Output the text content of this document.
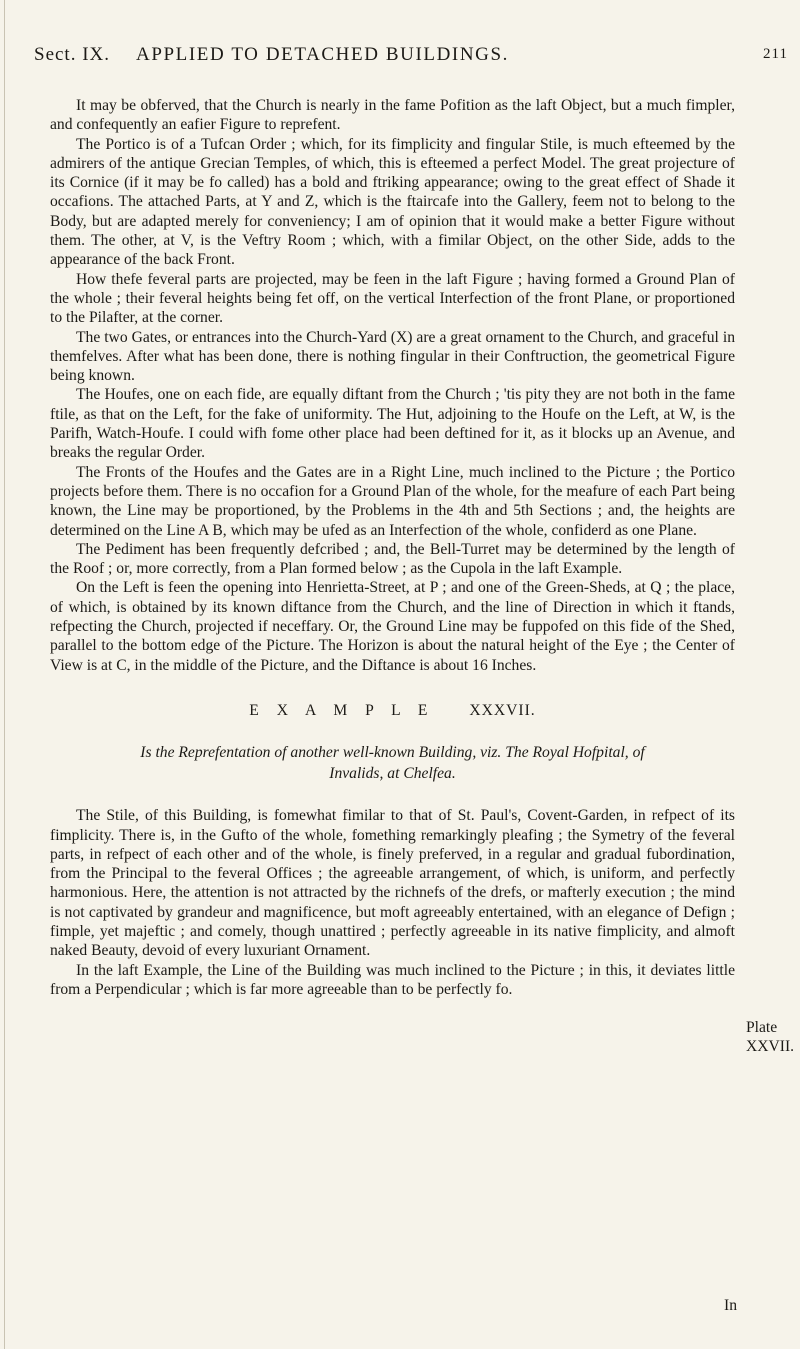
Sect. IX. APPLIED TO DETACHED BUILDINGS.	211

It may be obferved, that the Church is nearly in the fame Pofition as the laft Object, but a much fimpler, and confequently an eafier Figure to reprefent.

The Portico is of a Tufcan Order ; which, for its fimplicity and fingular Stile, is much efteemed by the admirers of the antique Grecian Temples, of which, this is efteemed a perfect Model. The great projecture of its Cornice (if it may be fo called) has a bold and ftriking appearance; owing to the great effect of Shade it occafions. The attached Parts, at Y and Z, which is the ftaircafe into the Gallery, feem not to belong to the Body, but are adapted merely for conveniency; I am of opinion that it would make a better Figure without them. The other, at V, is the Veftry Room ; which, with a fimilar Object, on the other Side, adds to the appearance of the back Front.

How thefe feveral parts are projected, may be feen in the laft Figure ; having formed a Ground Plan of the whole ; their feveral heights being fet off, on the vertical Interfection of the front Plane, or proportioned to the Pilafter, at the corner.

The two Gates, or entrances into the Church-Yard (X) are a great ornament to the Church, and graceful in themfelves. After what has been done, there is nothing fingular in their Conftruction, the geometrical Figure being known.

The Houfes, one on each fide, are equally diftant from the Church ; 'tis pity they are not both in the fame ftile, as that on the Left, for the fake of uniformity. The Hut, adjoining to the Houfe on the Left, at W, is the Parifh, Watch-Houfe. I could wifh fome other place had been deftined for it, as it blocks up an Avenue, and breaks the regular Order.

The Fronts of the Houfes and the Gates are in a Right Line, much inclined to the Picture ; the Portico projects before them. There is no occafion for a Ground Plan of the whole, for the meafure of each Part being known, the Line may be proportioned, by the Problems in the 4th and 5th Sections ; and, the heights are determined on the Line A B, which may be ufed as an Interfection of the whole, confiderd as one Plane.

The Pediment has been frequently defcribed ; and, the Bell-Turret may be determined by the length of the Roof ; or, more correctly, from a Plan formed below ; as the Cupola in the laft Example.

On the Left is feen the opening into Henrietta-Street, at P ; and one of the Green-Sheds, at Q ; the place, of which, is obtained by its known diftance from the Church, and the line of Direction in which it ftands, refpecting the Church, projected if neceffary. Or, the Ground Line may be fuppofed on this fide of the Shed, parallel to the bottom edge of the Picture. The Horizon is about the natural height of the Eye ; the Center of View is at C, in the middle of the Picture, and the Diftance is about 16 Inches.

E X A M P L E XXXVII.

Is the Reprefentation of another well-known Building, viz. The Royal Hofpital, of
Invalids, at Chelfea.

The Stile, of this Building, is fomewhat fimilar to that of St. Paul's, Covent-Garden, in refpect of its fimplicity. There is, in the Gufto of the whole, fomething remarkingly pleafing ; the Symetry of the feveral parts, in refpect of each other and of the whole, is finely preferved, in a regular and gradual fubordination, from the Principal to the feveral Offices ; the agreeable arrangement, of which, is uniform, and perfectly harmonious. Here, the attention is not attracted by the richnefs of the drefs, or mafterly execution ; the mind is not captivated by grandeur and magnificence, but moft agreeably entertained, with an elegance of Defign ; fimple, yet majeftic ; and comely, though unattired ; perfectly agreeable in its native fimplicity, and almoft naked Beauty, devoid of every luxuriant Ornament.

In the laft Example, the Line of the Building was much inclined to the Picture ; in this, it deviates little from a Perpendicular ; which is far more agreeable than to be perfectly fo.

Plate
XXVII.
In
